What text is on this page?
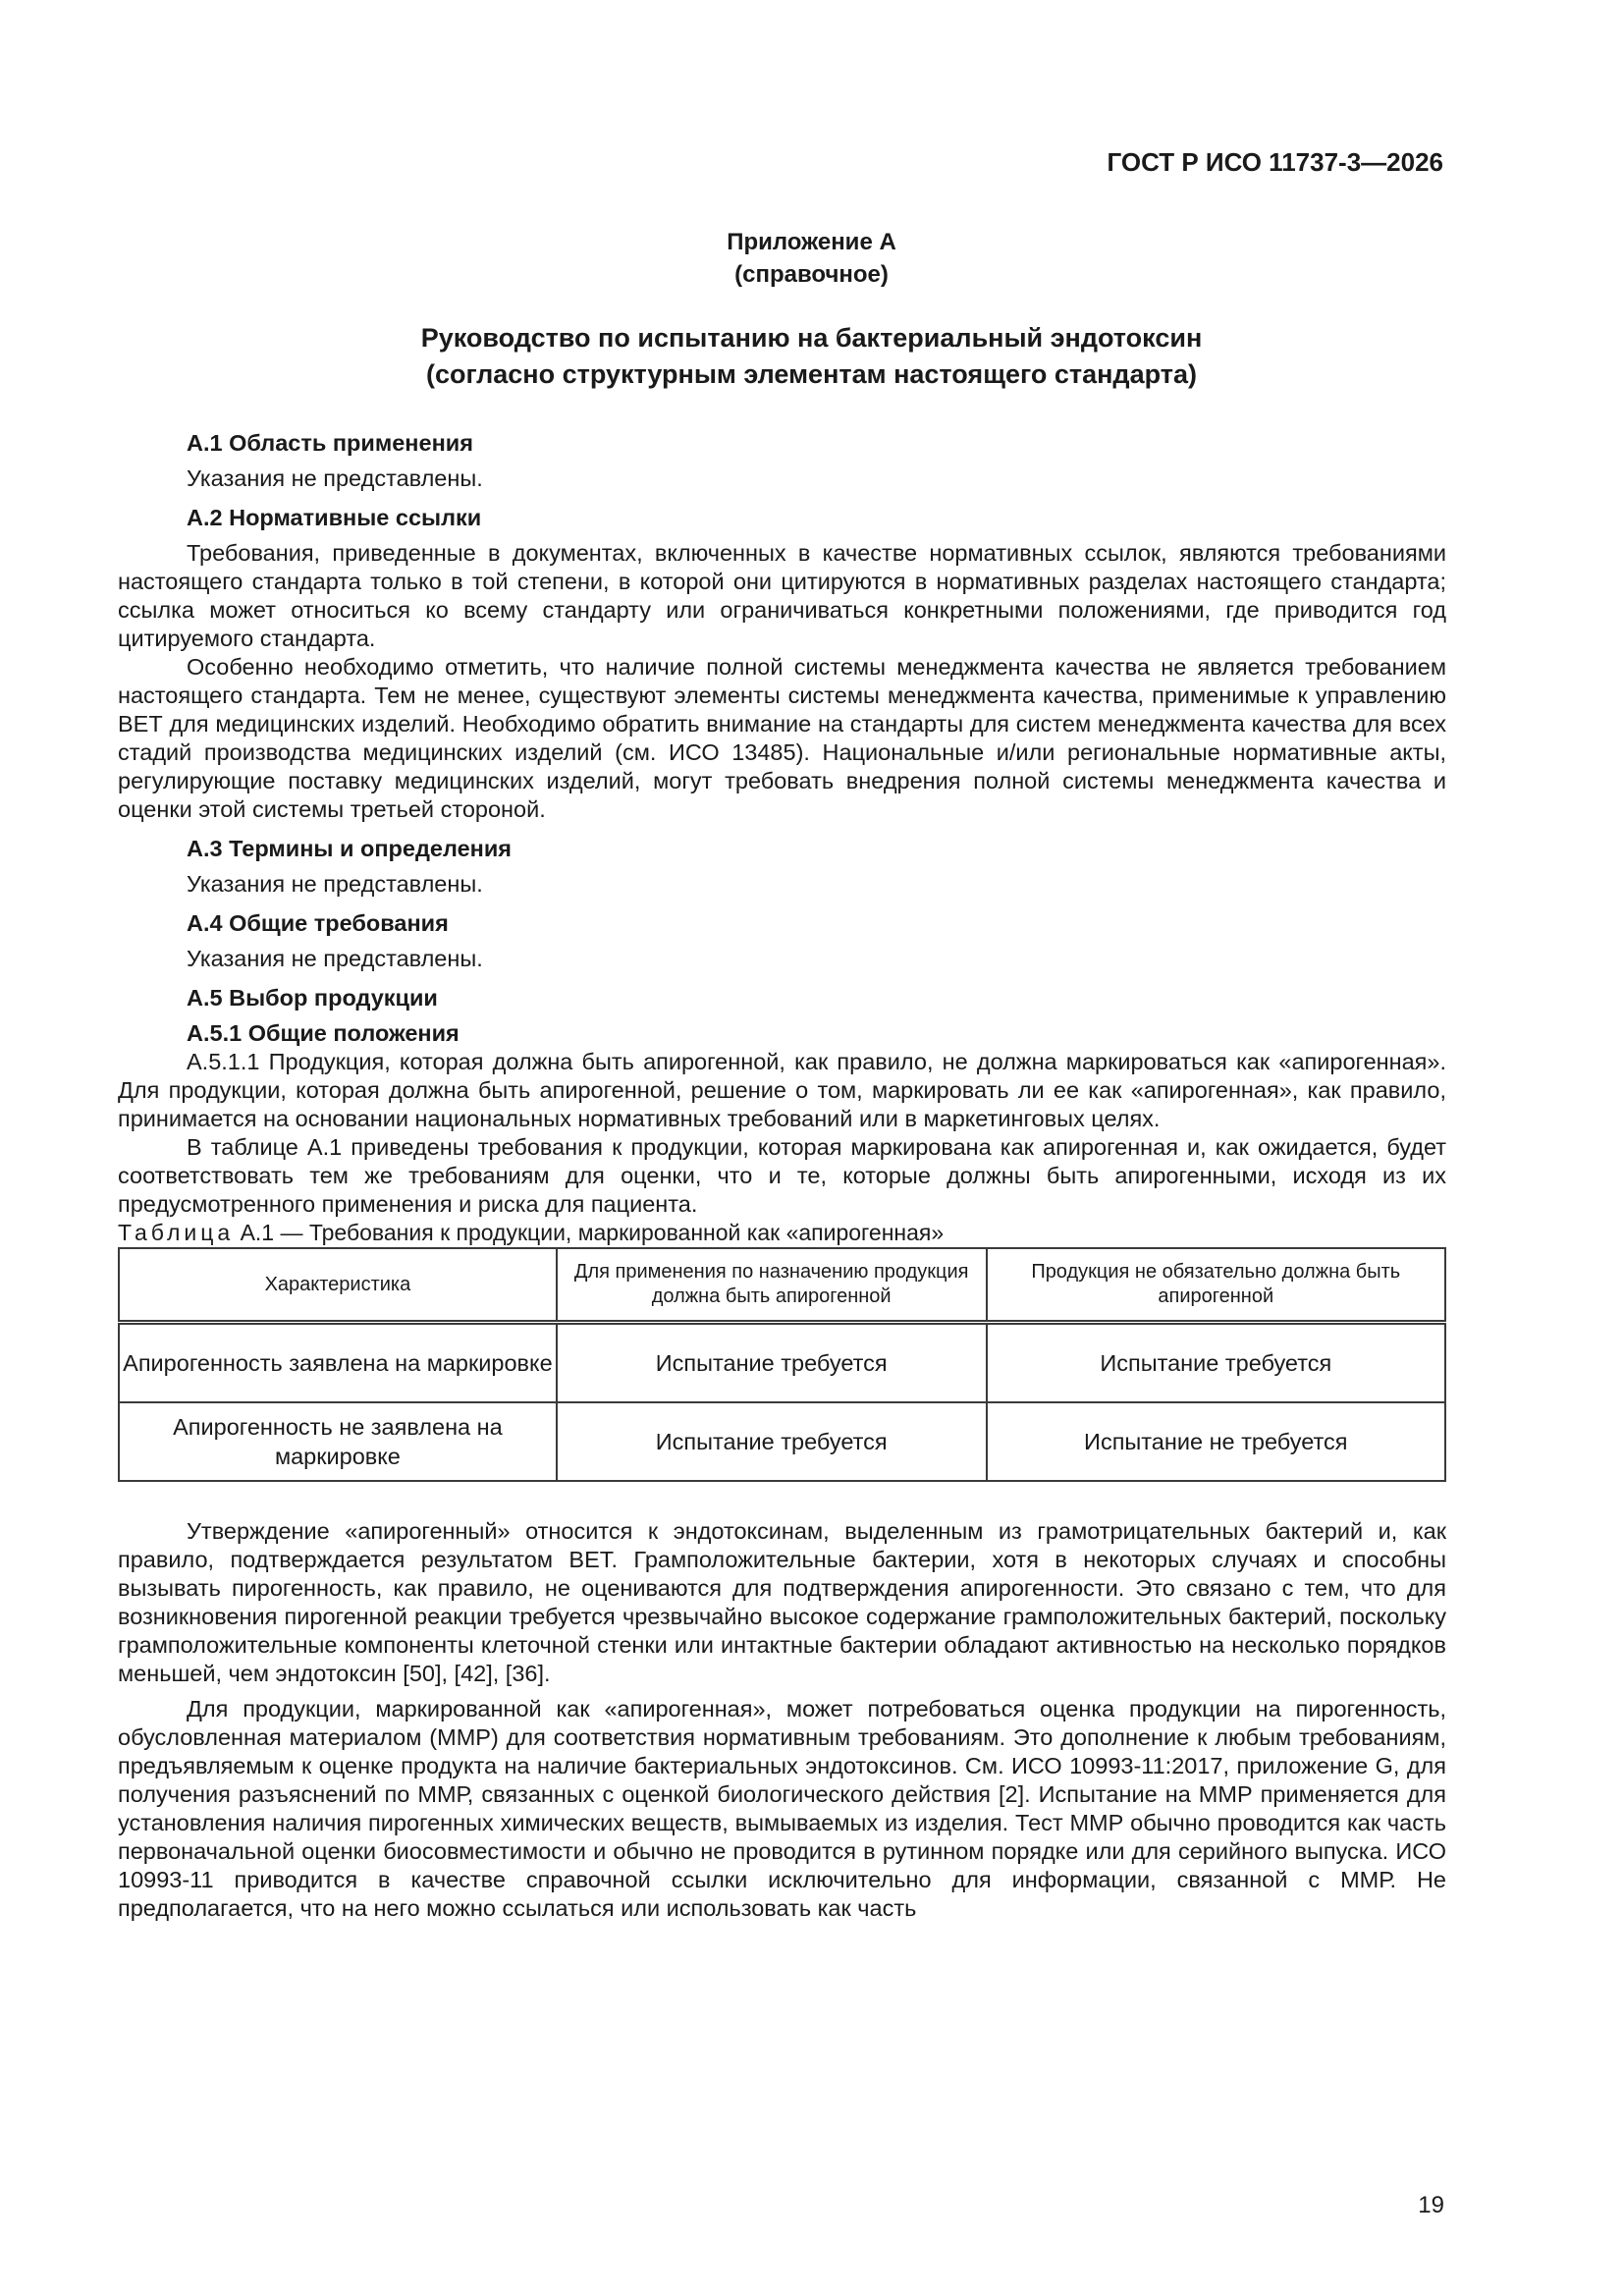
ГОСТ Р ИСО 11737-3—2026

Приложение А
(справочное)
Руководство по испытанию на бактериальный эндотоксин
(согласно структурным элементам настоящего стандарта)
А.1 Область применения

Указания не представлены.

А.2 Нормативные ссылки

Требования, приведенные в документах, включенных в качестве нормативных ссылок, являются требованиями настоящего стандарта только в той степени, в которой они цитируются в нормативных разделах настоящего стандарта; ссылка может относиться ко всему стандарту или ограничиваться конкретными положениями, где приводится год цитируемого стандарта.

Особенно необходимо отметить, что наличие полной системы менеджмента качества не является требованием настоящего стандарта. Тем не менее, существуют элементы системы менеджмента качества, применимые к управлению ВЕТ для медицинских изделий. Необходимо обратить внимание на стандарты для систем менеджмента качества для всех стадий производства медицинских изделий (см. ИСО 13485). Национальные и/или региональные нормативные акты, регулирующие поставку медицинских изделий, могут требовать внедрения полной системы менеджмента качества и оценки этой системы третьей стороной.

А.3 Термины и определения

Указания не представлены.

А.4 Общие требования

Указания не представлены.

А.5 Выбор продукции
А.5.1 Общие положения

А.5.1.1 Продукция, которая должна быть апирогенной, как правило, не должна маркироваться как «апирогенная». Для продукции, которая должна быть апирогенной, решение о том, маркировать ли ее как «апирогенная», как правило, принимается на основании национальных нормативных требований или в маркетинговых целях.

В таблице А.1 приведены требования к продукции, которая маркирована как апирогенная и, как ожидается, будет соответствовать тем же требованиям для оценки, что и те, которые должны быть апирогенными, исходя из их предусмотренного применения и риска для пациента.

Таблица А.1 — Требования к продукции, маркированной как «апирогенная»

Характеристика	Для применения по назначению продукция должна быть апирогенной	Продукция не обязательно должна быть апирогенной
Апирогенность заявлена на маркировке	Испытание требуется	Испытание требуется
Апирогенность не заявлена на маркировке	Испытание требуется	Испытание не требуется

Утверждение «апирогенный» относится к эндотоксинам, выделенным из грамотрицательных бактерий и, как правило, подтверждается результатом ВЕТ. Грамположительные бактерии, хотя в некоторых случаях и способны вызывать пирогенность, как правило, не оцениваются для подтверждения апирогенности. Это связано с тем, что для возникновения пирогенной реакции требуется чрезвычайно высокое содержание грамположительных бактерий, поскольку грамположительные компоненты клеточной стенки или интактные бактерии обладают активностью на несколько порядков меньшей, чем эндотоксин [50], [42], [36].

Для продукции, маркированной как «апирогенная», может потребоваться оценка продукции на пирогенность, обусловленная материалом (ММР) для соответствия нормативным требованиям. Это дополнение к любым требованиям, предъявляемым к оценке продукта на наличие бактериальных эндотоксинов. См. ИСО 10993-11:2017, приложение G, для получения разъяснений по ММР, связанных с оценкой биологического действия [2]. Испытание на ММР применяется для установления наличия пирогенных химических веществ, вымываемых из изделия. Тест ММР обычно проводится как часть первоначальной оценки биосовместимости и обычно не проводится в рутинном порядке или для серийного выпуска. ИСО 10993-11 приводится в качестве справочной ссылки исключительно для информации, связанной с ММР. Не предполагается, что на него можно ссылаться или использовать как часть

19
